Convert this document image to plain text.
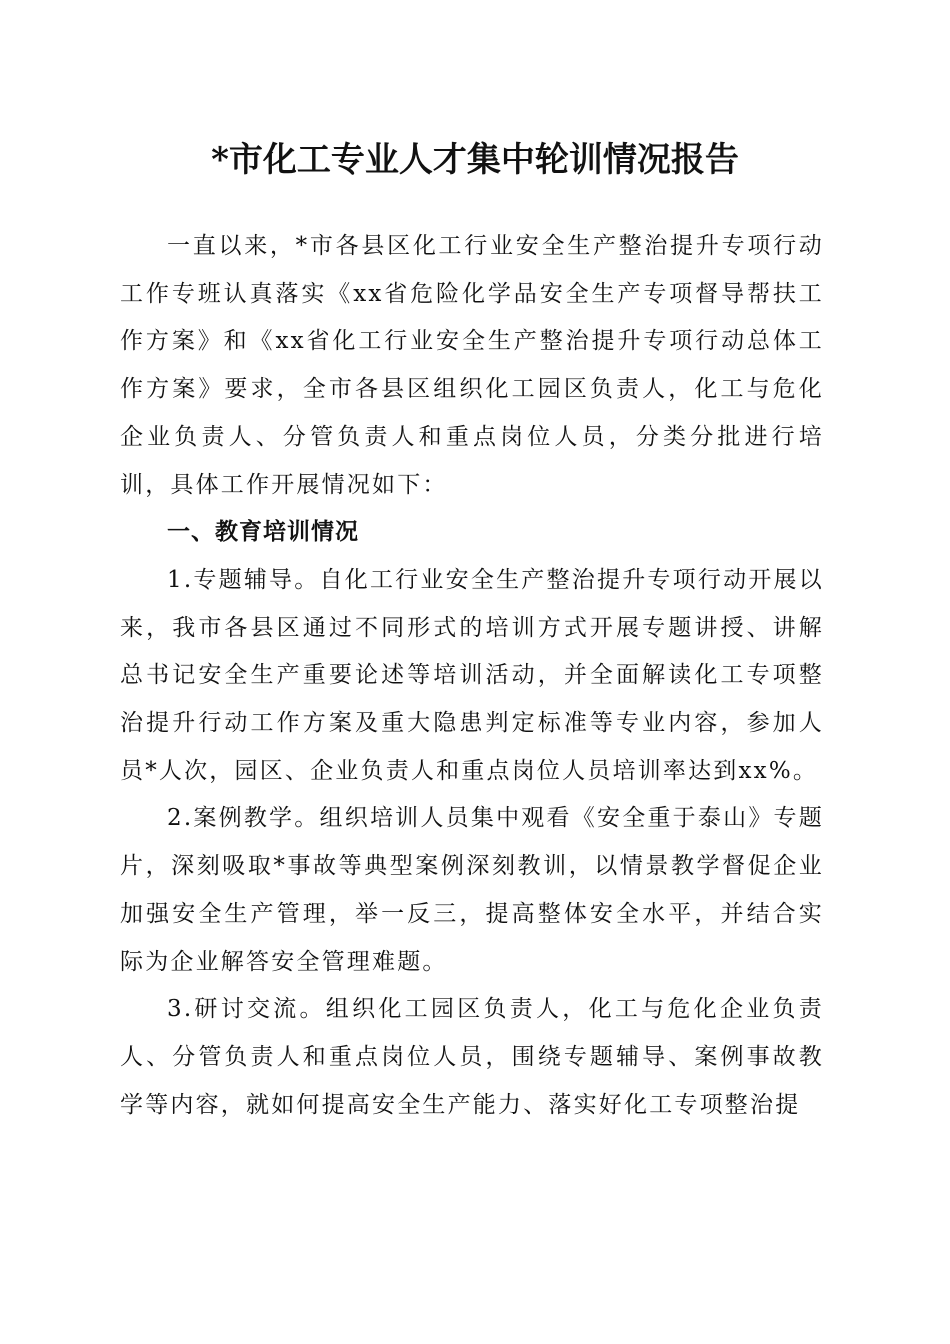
*市化工专业人才集中轮训情况报告

一直以来，*市各县区化工行业安全生产整治提升专项行动工作专班认真落实《xx省危险化学品安全生产专项督导帮扶工作方案》和《xx省化工行业安全生产整治提升专项行动总体工作方案》要求，全市各县区组织化工园区负责人，化工与危化企业负责人、分管负责人和重点岗位人员，分类分批进行培训，具体工作开展情况如下：

一、教育培训情况

1.专题辅导。自化工行业安全生产整治提升专项行动开展以来，我市各县区通过不同形式的培训方式开展专题讲授、讲解总书记安全生产重要论述等培训活动，并全面解读化工专项整治提升行动工作方案及重大隐患判定标准等专业内容，参加人员*人次，园区、企业负责人和重点岗位人员培训率达到xx%。

2.案例教学。组织培训人员集中观看《安全重于泰山》专题片，深刻吸取*事故等典型案例深刻教训，以情景教学督促企业加强安全生产管理，举一反三，提高整体安全水平，并结合实际为企业解答安全管理难题。

3.研讨交流。组织化工园区负责人，化工与危化企业负责人、分管负责人和重点岗位人员，围绕专题辅导、案例事故教学等内容，就如何提高安全生产能力、落实好化工专项整治提
